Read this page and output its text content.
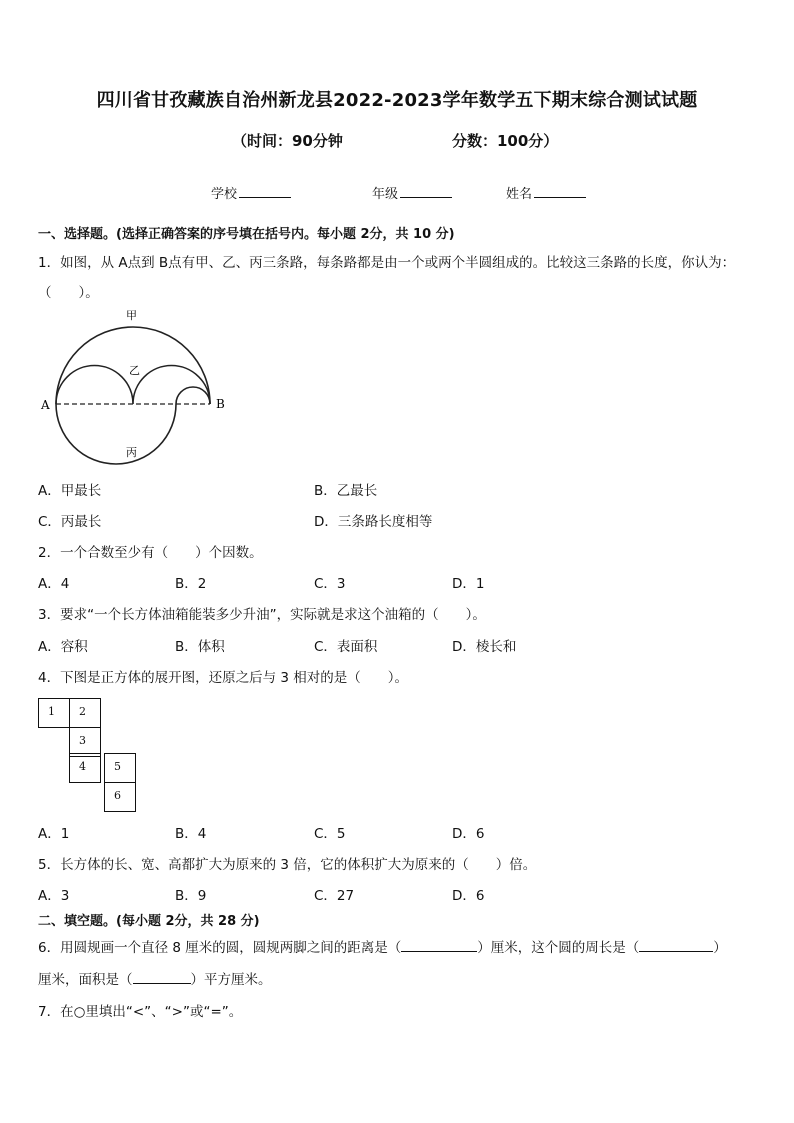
四川省甘孜藏族自治州新龙县2022-2023学年数学五下期末综合测试试题
（时间：90分钟	分数：100分）
学校	年级	姓名
一、选择题。(选择正确答案的序号填在括号内。每小题 2分，共 10 分)
1．如图，从 A点到 B点有甲、乙、丙三条路，每条路都是由一个或两个半圆组成的。比较这三条路的长度，你认为：
（　　）。
A	B
甲
乙
丙
A．甲最长	B．乙最长
C．丙最长	D．三条路长度相等
2．一个合数至少有（　　）个因数。
A．4	B．2	C．3	D．1
3．要求“一个长方体油箱能装多少升油”，实际就是求这个油箱的（　　）。
A．容积	B．体积	C．表面积	D．棱长和
4．下图是正方体的展开图，还原之后与 3 相对的是（　　）。
1	2
3
4	5
6
A．1	B．4	C．5	D．6
5．长方体的长、宽、高都扩大为原来的 3 倍，它的体积扩大为原来的（　　）倍。
A．3	B．9	C．27	D．6
二、填空题。(每小题 2分，共 28 分)
6．用圆规画一个直径 8 厘米的圆，圆规两脚之间的距离是（	）厘米，这个圆的周长是（	）
厘米，面积是（	）平方厘米。
7．在○里填出“<”、“>”或“=”。
